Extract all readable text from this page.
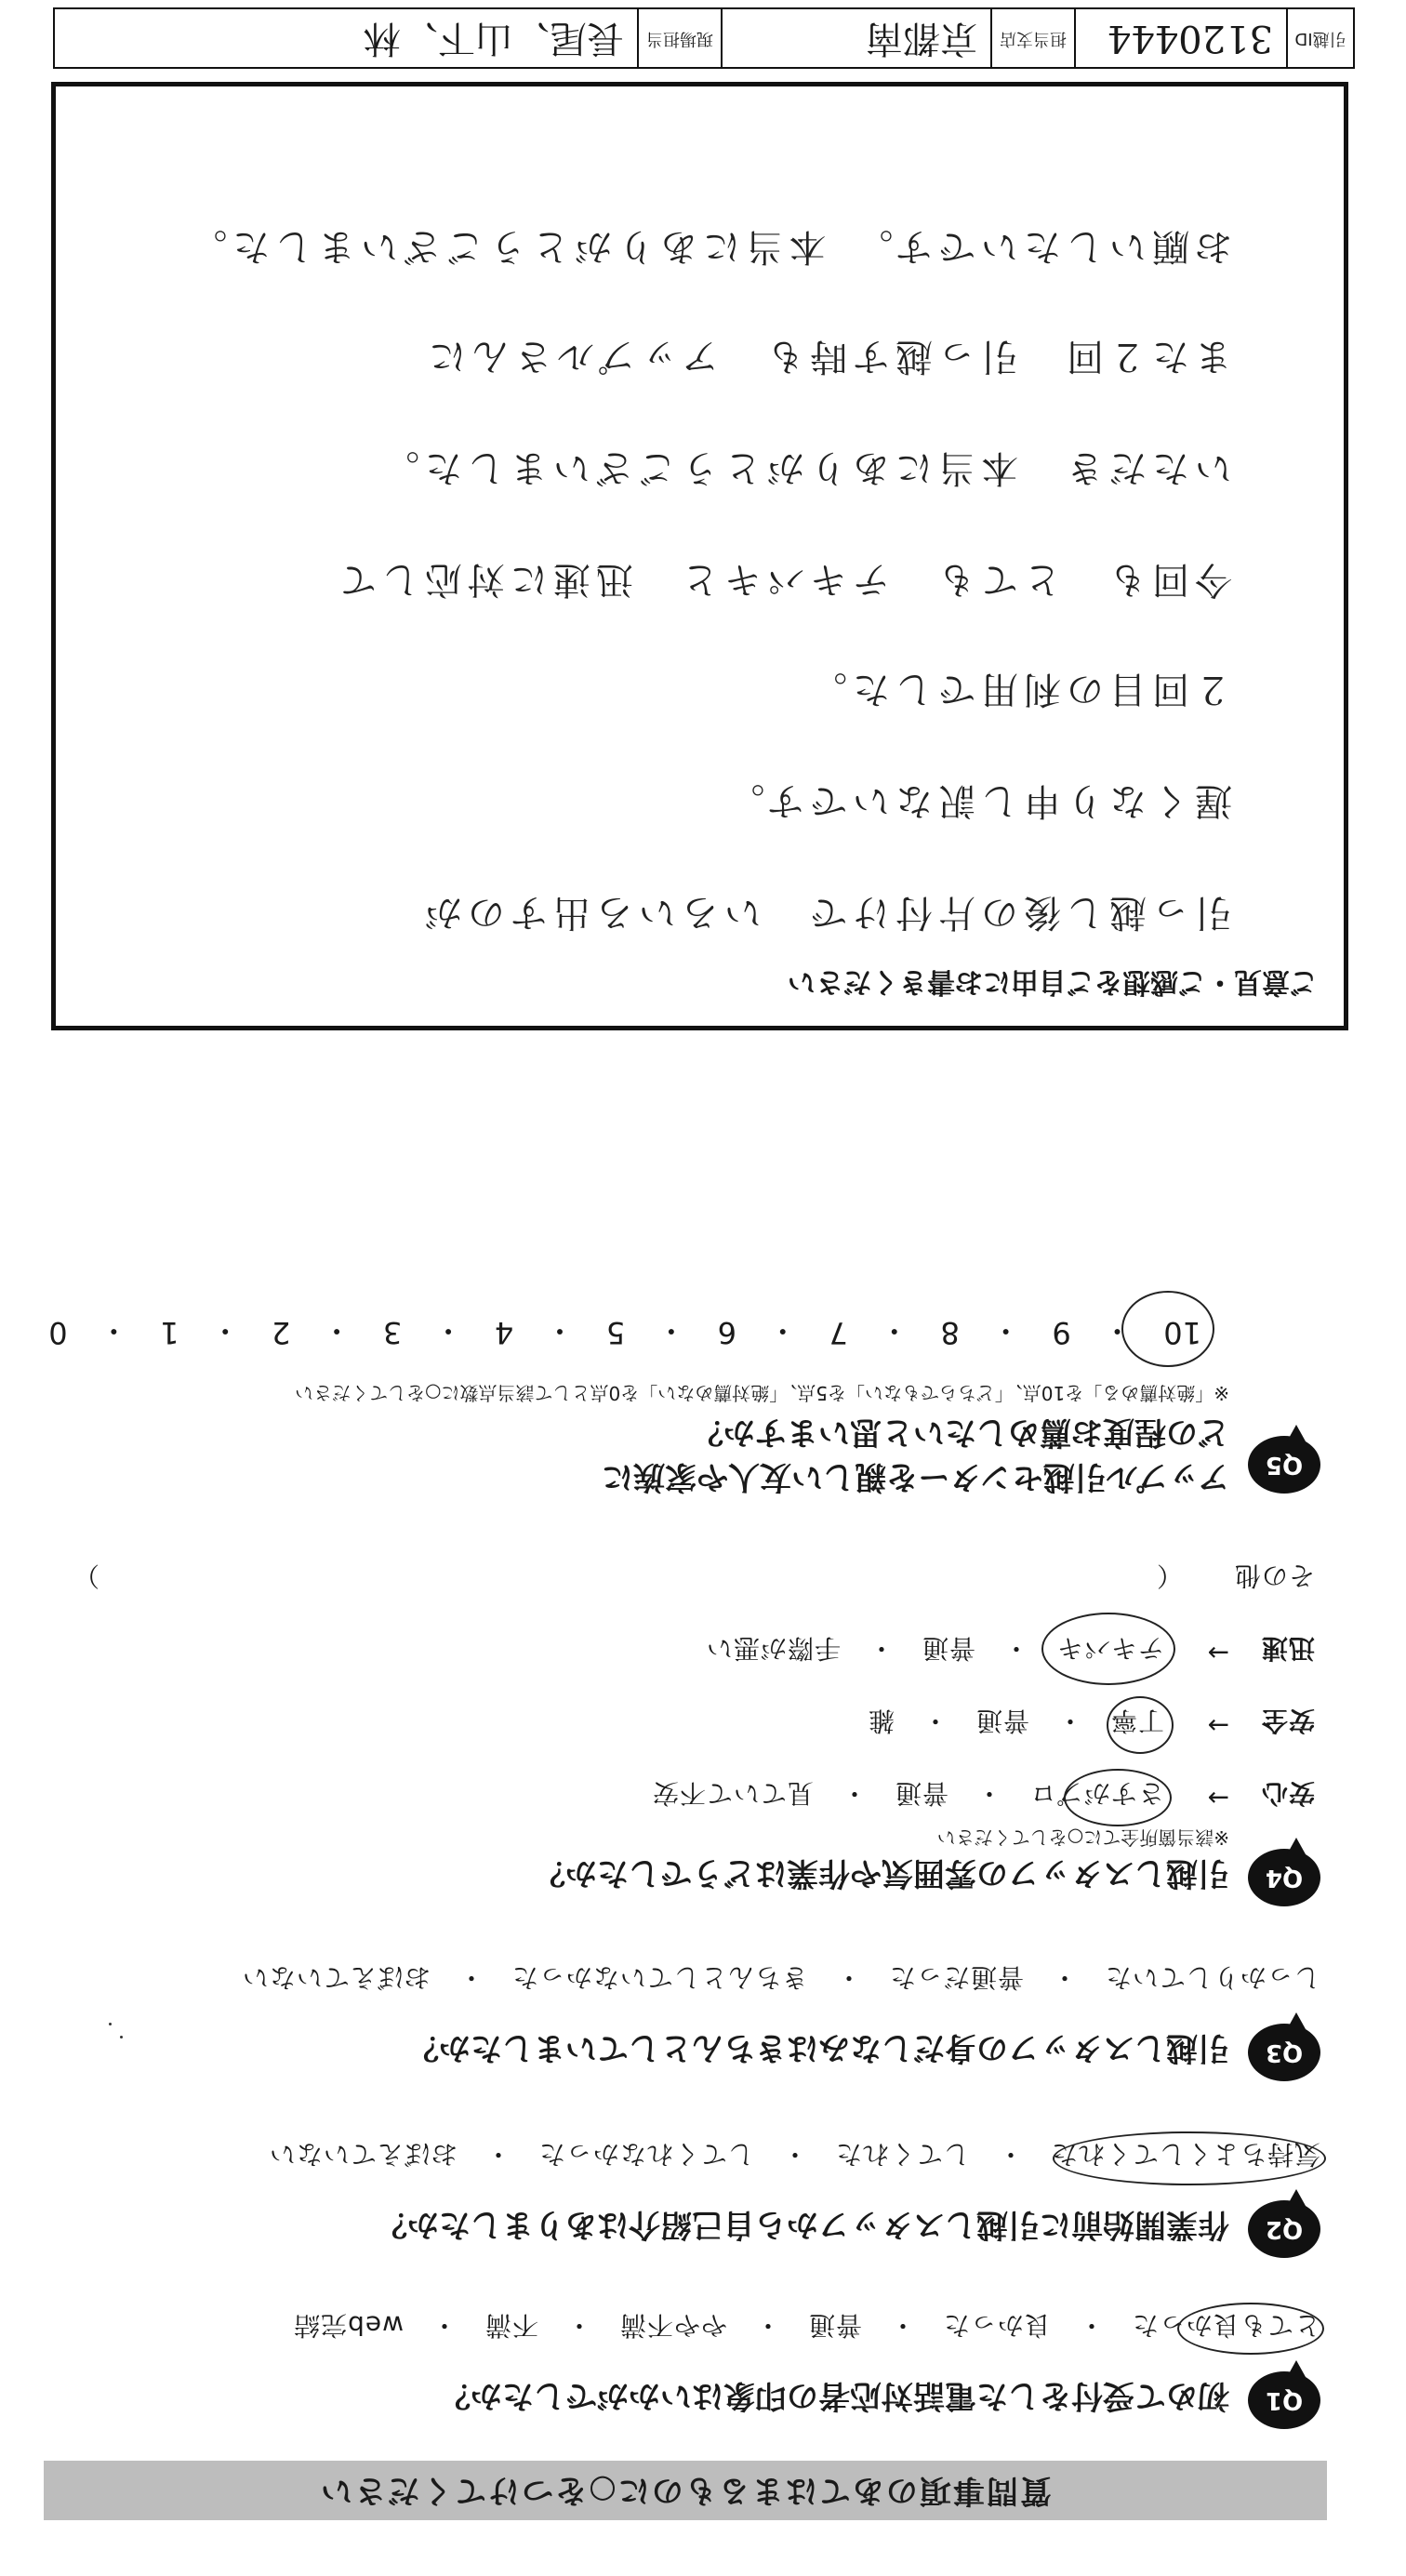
質問事項のあてはまるものに○をつけてください
Q1
初めて受付をした電話対応者の印象はいかがでしたか？
とても良かった　・　良かった　・　普通　・　やや不満　・　不満　・　web完結
Q2
作業開始前に引越しスタッフから自己紹介はありましたか？
気持ちよくしてくれた　・　してくれた　・　してくれなかった　・　おぼえていない
Q3
引越しスタッフの身だしなみはきちんとしていましたか？
しっかりしていた　・　普通だった　・　きちんとしていなかった　・　おぼえていない
Q4
引越しスタッフの雰囲気や作業はどうでしたか？
※該当箇所全てに○をしてください
安心
→
さすがプロ　・　普通　・　見ていて不安
安全
→
丁寧　・　普通　・　雑
迅速
→
テキパキ　・　普通　・　手際が悪い
その他
（
）
Q5
アップル引越センターを親しい友人や家族に
どの程度お薦めしたいと思いますか？
※「絶対薦める」を10点、「どちらでもない」を5点、「絶対薦めない」を0点として該当点数に○をしてください
10
・
9
・
8
・
7
・
6
・
5
・
4
・
3
・
2
・
1
・
0
ご意見・ご感想をご自由にお書きください
引っ越し後の片付けで　いろいろ出すのが
遅くなり申し訳ないです。
２回目の利用でした。
今回も　とても　テキパキと　迅速に対応して
いただき　本当にありがとうございました。
また２回　引っ越す時も　アップルさんに
お願いしたいです。　本当にありがとうございました。
引越ID
3120444
担当支店
京都南
現場担当
長尾、山下、林
